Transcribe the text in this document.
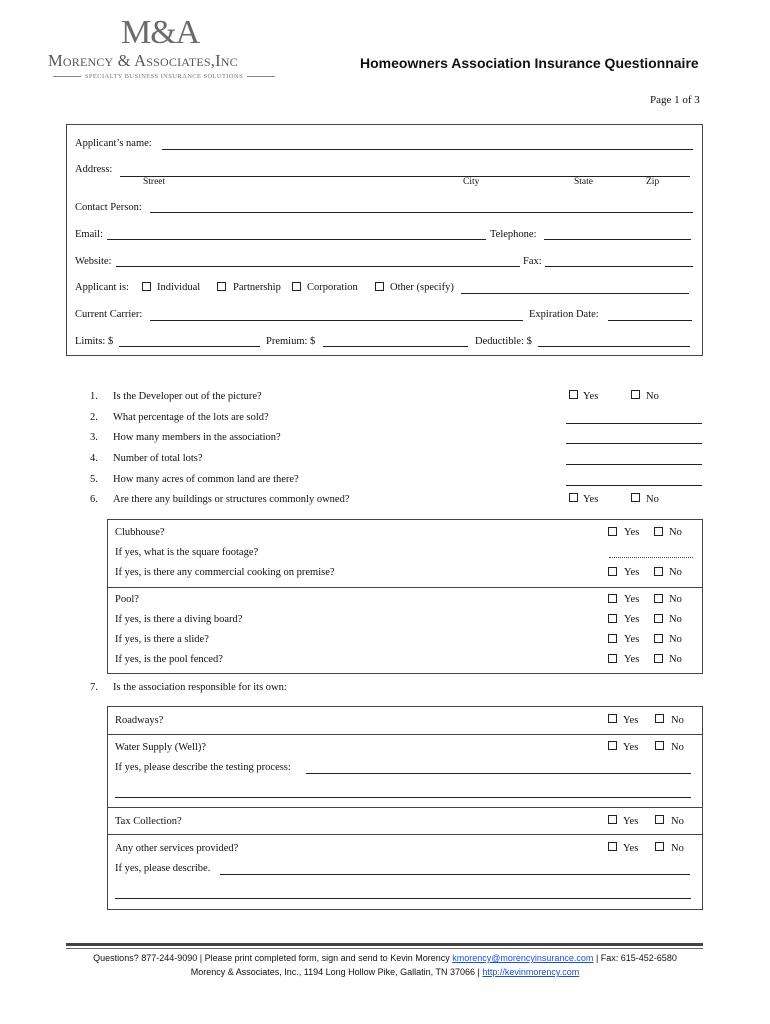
M&A
Morency & Associates,Inc
SPECIALTY BUSINESS INSURANCE SOLUTIONS
Homeowners Association Insurance Questionnaire
Page 1 of 3
Applicant’s name:
Address:
Street	City	State	Zip
Contact Person:
Email:	Telephone:
Website:	Fax:
Applicant is:	Individual	Partnership Corporation	Other (specify)
Current Carrier:	Expiration Date:
Limits: $	Premium: $	Deductible: $
1. Is the Developer out of the picture?	Yes	No
2. What percentage of the lots are sold?
3. How many members in the association?
4. Number of total lots?
5. How many acres of common land are there?
6. Are there any buildings or structures commonly owned?	Yes	No
Clubhouse?	Yes	No
If yes, what is the square footage?
If yes, is there any commercial cooking on premise?	Yes	No
Pool?	Yes	No
If yes, is there a diving board?	Yes	No
If yes, is there a slide?	Yes	No
If yes, is the pool fenced?	Yes	No
7. Is the association responsible for its own:
Roadways?	Yes	No
Water Supply (Well)?	Yes	No
If yes, please describe the testing process:
Tax Collection?	Yes	No
Any other services provided?	Yes	No
If yes, please describe.
Questions? 877-244-9090 | Please print completed form, sign and send to Kevin Morency kmorency@morencyinsurance.com | Fax: 615-452-6580
Morency & Associates, Inc., 1194 Long Hollow Pike, Gallatin, TN 37066 | http://kevinmorency.com
